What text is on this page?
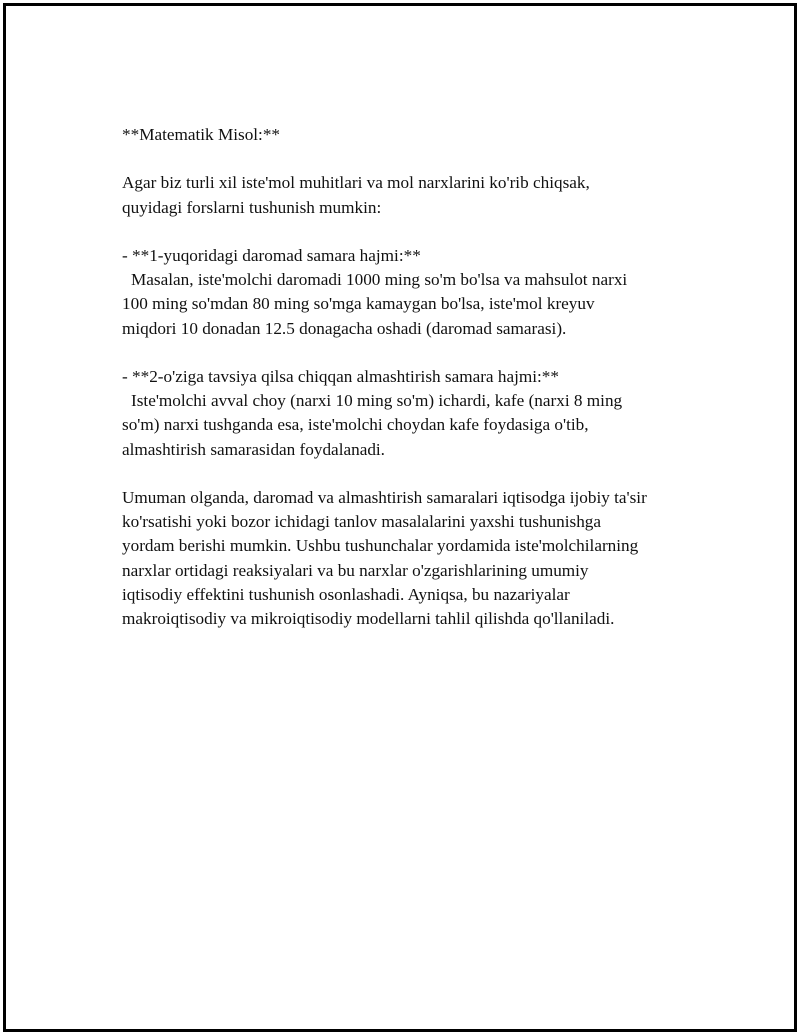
**Matematik Misol:**

Agar biz turli xil iste'mol muhitlari va mol narxlarini ko'rib chiqsak,
quyidagi forslarni tushunish mumkin:

- **1-yuqoridagi daromad samara hajmi:**
Masalan, iste'molchi daromadi 1000 ming so'm bo'lsa va mahsulot narxi
100 ming so'mdan 80 ming so'mga kamaygan bo'lsa, iste'mol kreyuv
miqdori 10 donadan 12.5 donagacha oshadi (daromad samarasi).
- **2-o'ziga tavsiya qilsa chiqqan almashtirish samara hajmi:**
Iste'molchi avval choy (narxi 10 ming so'm) ichardi, kafe (narxi 8 ming
so'm) narxi tushganda esa, iste'molchi choydan kafe foydasiga o'tib,
almashtirish samarasidan foydalanadi.

Umuman olganda, daromad va almashtirish samaralari iqtisodga ijobiy ta'sir
ko'rsatishi yoki bozor ichidagi tanlov masalalarini yaxshi tushunishga
yordam berishi mumkin. Ushbu tushunchalar yordamida iste'molchilarning
narxlar ortidagi reaksiyalari va bu narxlar o'zgarishlarining umumiy
iqtisodiy effektini tushunish osonlashadi. Ayniqsa, bu nazariyalar
makroiqtisodiy va mikroiqtisodiy modellarni tahlil qilishda qo'llaniladi.
